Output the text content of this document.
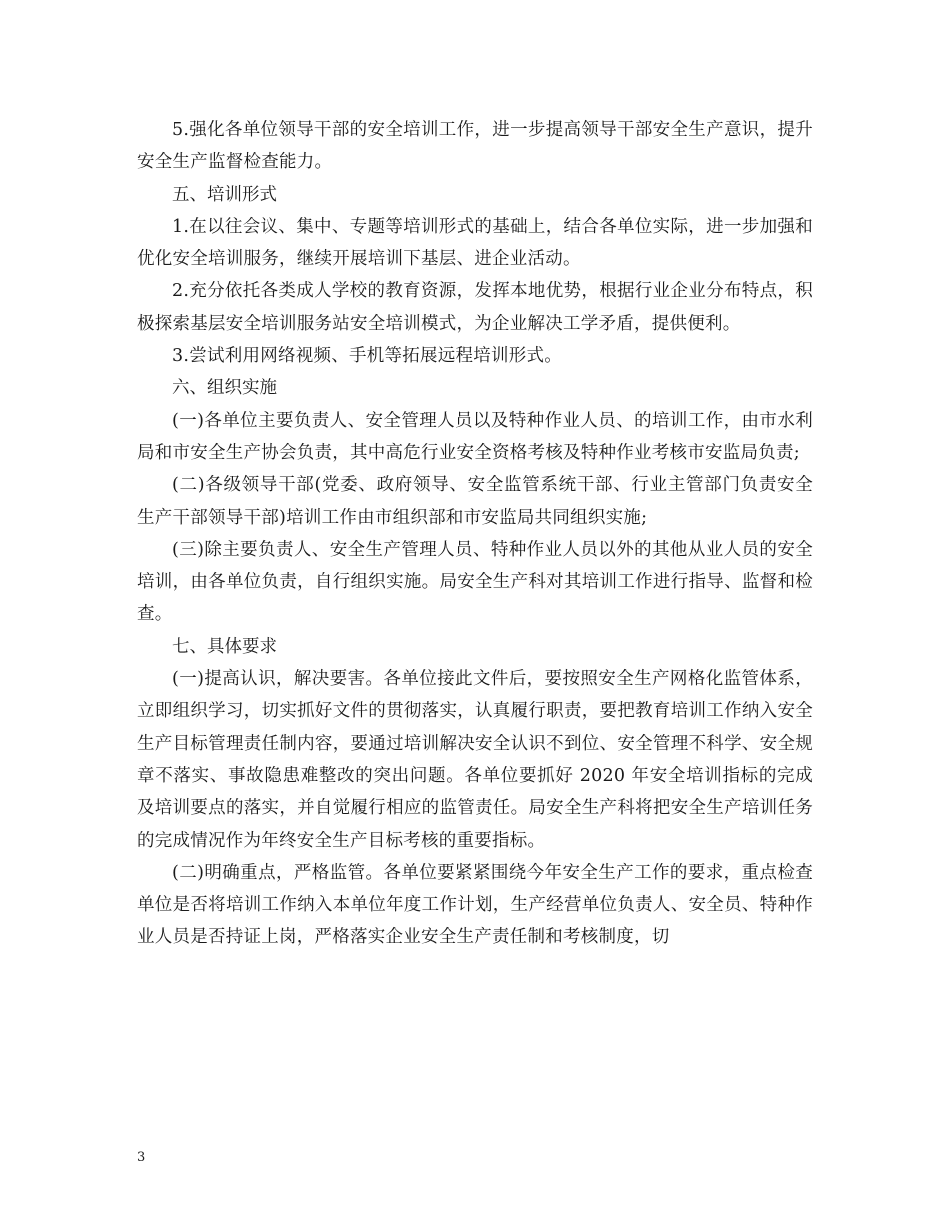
5.强化各单位领导干部的安全培训工作，进一步提高领导干部安全生产意识，提升安全生产监督检查能力。

五、培训形式

1.在以往会议、集中、专题等培训形式的基础上，结合各单位实际，进一步加强和优化安全培训服务，继续开展培训下基层、进企业活动。

2.充分依托各类成人学校的教育资源，发挥本地优势，根据行业企业分布特点，积极探索基层安全培训服务站安全培训模式，为企业解决工学矛盾，提供便利。

3.尝试利用网络视频、手机等拓展远程培训形式。

六、组织实施

(一)各单位主要负责人、安全管理人员以及特种作业人员、的培训工作，由市水利局和市安全生产协会负责，其中高危行业安全资格考核及特种作业考核市安监局负责;

(二)各级领导干部(党委、政府领导、安全监管系统干部、行业主管部门负责安全生产干部领导干部)培训工作由市组织部和市安监局共同组织实施;

(三)除主要负责人、安全生产管理人员、特种作业人员以外的其他从业人员的安全培训，由各单位负责，自行组织实施。局安全生产科对其培训工作进行指导、监督和检查。

七、具体要求

(一)提高认识，解决要害。各单位接此文件后，要按照安全生产网格化监管体系，立即组织学习，切实抓好文件的贯彻落实，认真履行职责，要把教育培训工作纳入安全生产目标管理责任制内容，要通过培训解决安全认识不到位、安全管理不科学、安全规章不落实、事故隐患难整改的突出问题。各单位要抓好 2020 年安全培训指标的完成及培训要点的落实，并自觉履行相应的监管责任。局安全生产科将把安全生产培训任务的完成情况作为年终安全生产目标考核的重要指标。

(二)明确重点，严格监管。各单位要紧紧围绕今年安全生产工作的要求，重点检查单位是否将培训工作纳入本单位年度工作计划，生产经营单位负责人、安全员、特种作业人员是否持证上岗，严格落实企业安全生产责任制和考核制度，切

3
